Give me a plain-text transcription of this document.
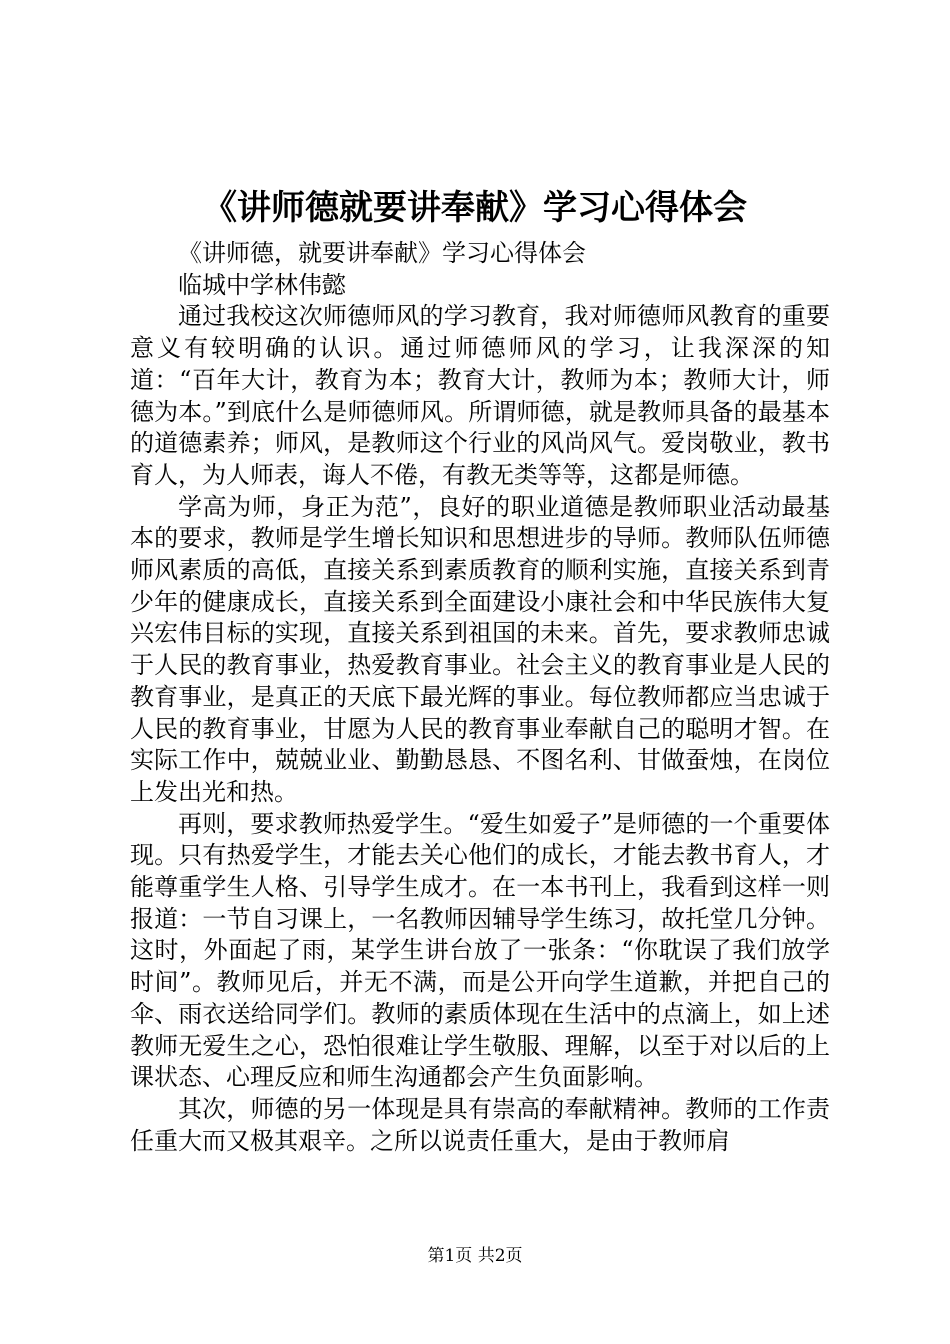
《讲师德就要讲奉献》学习心得体会

《讲师德，就要讲奉献》学习心得体会

临城中学林伟懿

通过我校这次师德师风的学习教育，我对师德师风教育的重要意义有较明确的认识。通过师德师风的学习，让我深深的知道：“百年大计，教育为本；教育大计，教师为本；教师大计，师德为本。”到底什么是师德师风。所谓师德，就是教师具备的最基本的道德素养；师风，是教师这个行业的风尚风气。爱岗敬业，教书育人，为人师表，诲人不倦，有教无类等等，这都是师德。

学高为师，身正为范”，良好的职业道德是教师职业活动最基本的要求，教师是学生增长知识和思想进步的导师。教师队伍师德师风素质的高低，直接关系到素质教育的顺利实施，直接关系到青少年的健康成长，直接关系到全面建设小康社会和中华民族伟大复兴宏伟目标的实现，直接关系到祖国的未来。首先，要求教师忠诚于人民的教育事业，热爱教育事业。社会主义的教育事业是人民的教育事业，是真正的天底下最光辉的事业。每位教师都应当忠诚于人民的教育事业，甘愿为人民的教育事业奉献自己的聪明才智。在实际工作中，兢兢业业、勤勤恳恳、不图名利、甘做蚕烛，在岗位上发出光和热。

再则，要求教师热爱学生。“爱生如爱子”是师德的一个重要体现。只有热爱学生，才能去关心他们的成长，才能去教书育人，才能尊重学生人格、引导学生成才。在一本书刊上，我看到这样一则报道：一节自习课上，一名教师因辅导学生练习，故托堂几分钟。这时，外面起了雨，某学生讲台放了一张条：“你耽误了我们放学时间”。教师见后，并无不满，而是公开向学生道歉，并把自己的伞、雨衣送给同学们。教师的素质体现在生活中的点滴上，如上述教师无爱生之心，恐怕很难让学生敬服、理解，以至于对以后的上课状态、心理反应和师生沟通都会产生负面影响。

其次，师德的另一体现是具有崇高的奉献精神。教师的工作责任重大而又极其艰辛。之所以说责任重大，是由于教师肩

第1页 共2页
